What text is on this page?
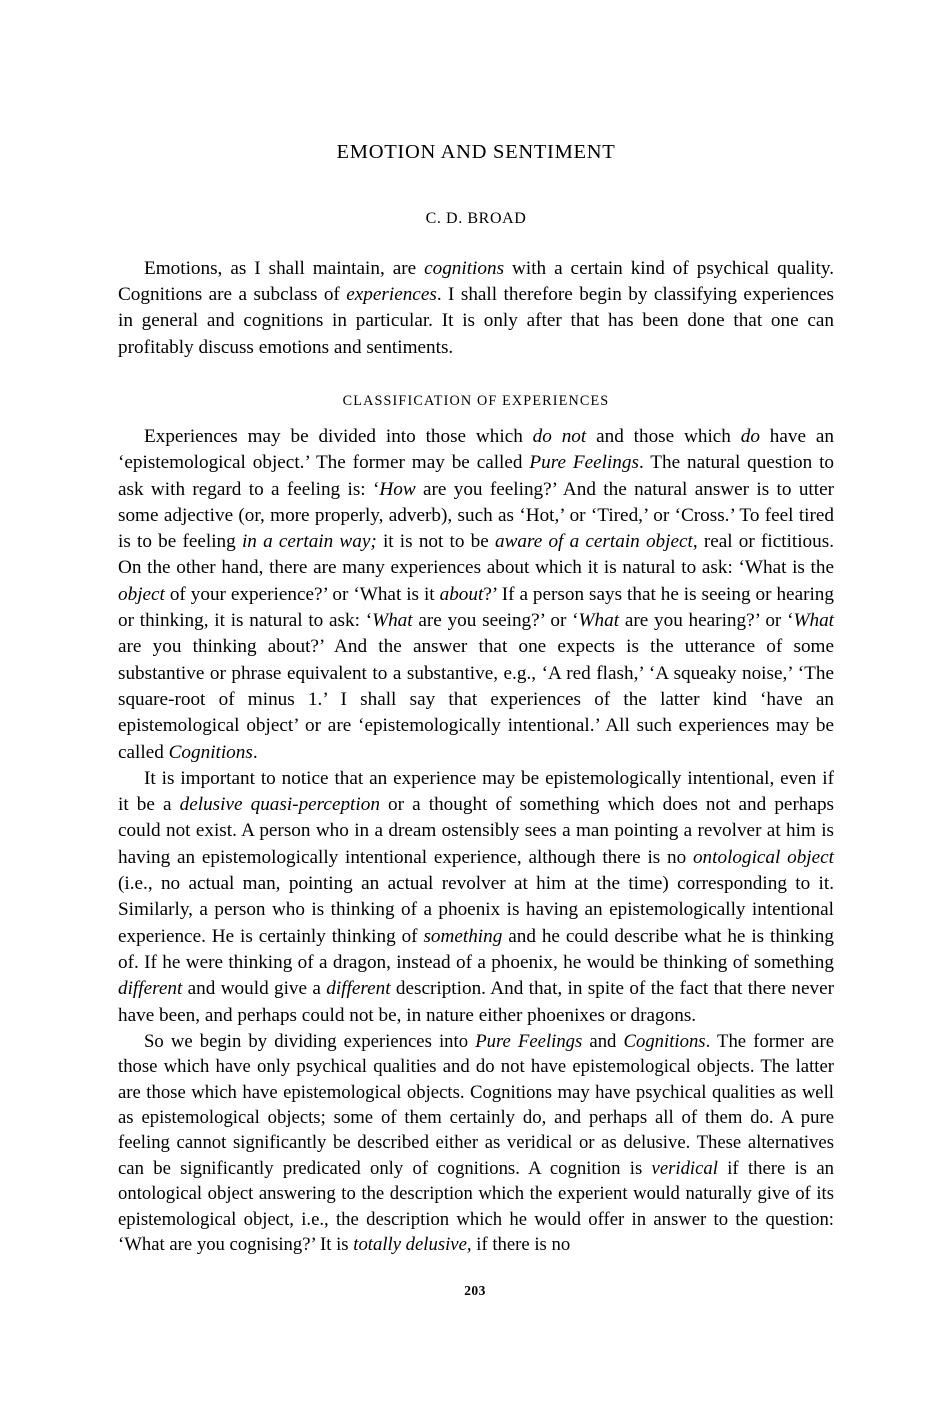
EMOTION AND SENTIMENT
C. D. BROAD

Emotions, as I shall maintain, are cognitions with a certain kind of psychical quality. Cognitions are a subclass of experiences. I shall therefore begin by classifying experiences in general and cognitions in particular. It is only after that has been done that one can profitably discuss emotions and sentiments.

CLASSIFICATION OF EXPERIENCES

Experiences may be divided into those which do not and those which do have an ‘epistemological object.’ The former may be called Pure Feelings. The natural question to ask with regard to a feeling is: ‘How are you feeling?’ And the natural answer is to utter some adjective (or, more properly, adverb), such as ‘Hot,’ or ‘Tired,’ or ‘Cross.’ To feel tired is to be feeling in a certain way; it is not to be aware of a certain object, real or fictitious. On the other hand, there are many experiences about which it is natural to ask: ‘What is the object of your experience?’ or ‘What is it about?’ If a person says that he is seeing or hearing or thinking, it is natural to ask: ‘What are you seeing?’ or ‘What are you hearing?’ or ‘What are you thinking about?’ And the answer that one expects is the utterance of some substantive or phrase equivalent to a substantive, e.g., ‘A red flash,’ ‘A squeaky noise,’ ‘The square-root of minus 1.’ I shall say that experiences of the latter kind ‘have an epistemological object’ or are ‘epistemologically intentional.’ All such experiences may be called Cognitions.

It is important to notice that an experience may be epistemologically intentional, even if it be a delusive quasi-perception or a thought of something which does not and perhaps could not exist. A person who in a dream ostensibly sees a man pointing a revolver at him is having an epistemologically intentional experience, although there is no ontological object (i.e., no actual man, pointing an actual revolver at him at the time) corresponding to it. Similarly, a person who is thinking of a phoenix is having an epistemologically intentional experience. He is certainly thinking of something and he could describe what he is thinking of. If he were thinking of a dragon, instead of a phoenix, he would be thinking of something different and would give a different description. And that, in spite of the fact that there never have been, and perhaps could not be, in nature either phoenixes or dragons.

So we begin by dividing experiences into Pure Feelings and Cognitions. The former are those which have only psychical qualities and do not have epistemological objects. The latter are those which have epistemological objects. Cognitions may have psychical qualities as well as epistemological objects; some of them certainly do, and perhaps all of them do. A pure feeling cannot significantly be described either as veridical or as delusive. These alternatives can be significantly predicated only of cognitions. A cognition is veridical if there is an ontological object answering to the description which the experient would naturally give of its epistemological object, i.e., the description which he would offer in answer to the question: ‘What are you cognising?’ It is totally delusive, if there is no

203
